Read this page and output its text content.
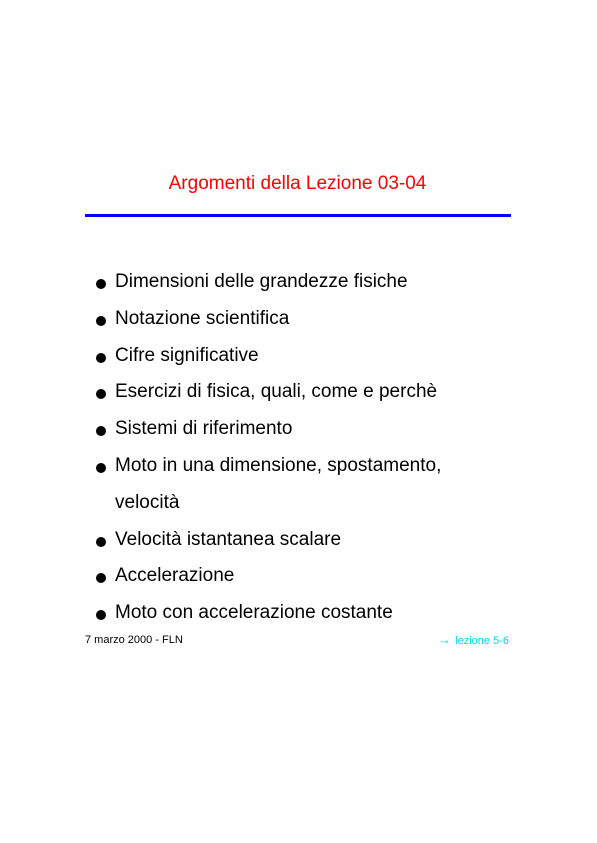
Argomenti della Lezione 03-04
Dimensioni delle grandezze fisiche
Notazione scientifica
Cifre significative
Esercizi di fisica, quali, come e perchè
Sistemi di riferimento
Moto in una dimensione, spostamento,
velocità
Velocità istantanea scalare
Accelerazione
Moto con accelerazione costante
7 marzo 2000 - FLN	→ lezione 5-6
